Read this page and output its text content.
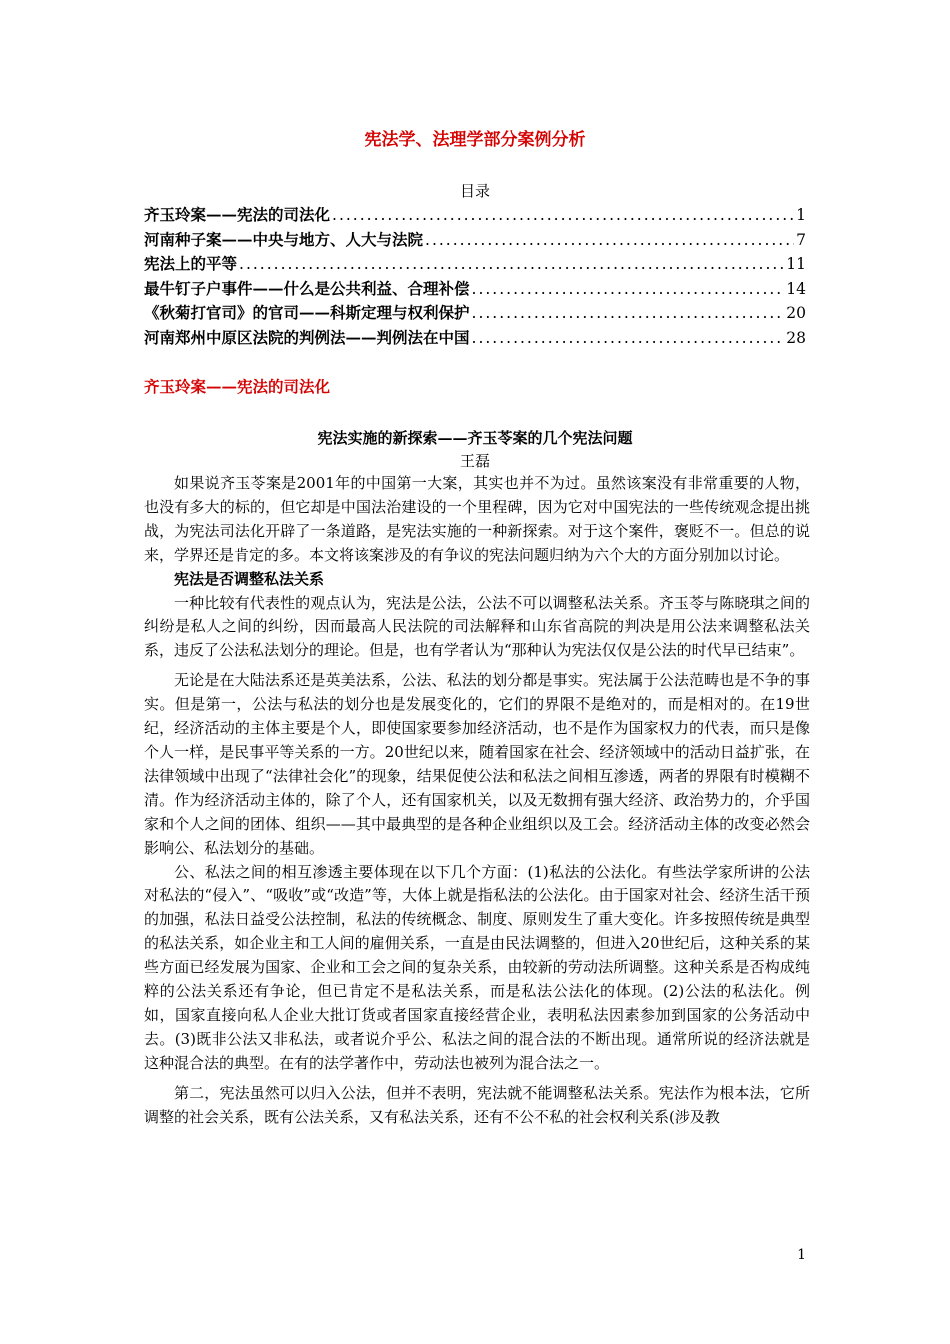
宪法学、法理学部分案例分析
目录
齐玉玲案——宪法的司法化 .....	1
河南种子案——中央与地方、人大与法院 .....	7
宪法上的平等 .....	11
最牛钉子户事件——什么是公共利益、合理补偿 .....	14
《秋菊打官司》的官司——科斯定理与权利保护 .....	20
河南郑州中原区法院的判例法——判例法在中国 .....	28
齐玉玲案——宪法的司法化
宪法实施的新探索——齐玉苓案的几个宪法问题
王磊

如果说齐玉苓案是2001年的中国第一大案，其实也并不为过。虽然该案没有非常重要的人物，也没有多大的标的，但它却是中国法治建设的一个里程碑，因为它对中国宪法的一些传统观念提出挑战，为宪法司法化开辟了一条道路，是宪法实施的一种新探索。对于这个案件，褒贬不一。但总的说来，学界还是肯定的多。本文将该案涉及的有争议的宪法问题归纳为六个大的方面分别加以讨论。

宪法是否调整私法关系

一种比较有代表性的观点认为，宪法是公法，公法不可以调整私法关系。齐玉苓与陈晓琪之间的纠纷是私人之间的纠纷，因而最高人民法院的司法解释和山东省高院的判决是用公法来调整私法关系，违反了公法私法划分的理论。但是，也有学者认为“那种认为宪法仅仅是公法的时代早已结束”。

无论是在大陆法系还是英美法系，公法、私法的划分都是事实。宪法属于公法范畴也是不争的事实。但是第一，公法与私法的划分也是发展变化的，它们的界限不是绝对的，而是相对的。在19世纪，经济活动的主体主要是个人，即使国家要参加经济活动，也不是作为国家权力的代表，而只是像个人一样，是民事平等关系的一方。20世纪以来，随着国家在社会、经济领域中的活动日益扩张，在法律领域中出现了“法律社会化”的现象，结果促使公法和私法之间相互渗透，两者的界限有时模糊不清。作为经济活动主体的，除了个人，还有国家机关，以及无数拥有强大经济、政治势力的，介乎国家和个人之间的团体、组织——其中最典型的是各种企业组织以及工会。经济活动主体的改变必然会影响公、私法划分的基础。

公、私法之间的相互渗透主要体现在以下几个方面：(1)私法的公法化。有些法学家所讲的公法对私法的“侵入”、“吸收”或“改造”等，大体上就是指私法的公法化。由于国家对社会、经济生活干预的加强，私法日益受公法控制，私法的传统概念、制度、原则发生了重大变化。许多按照传统是典型的私法关系，如企业主和工人间的雇佣关系，一直是由民法调整的，但进入20世纪后，这种关系的某些方面已经发展为国家、企业和工会之间的复杂关系，由较新的劳动法所调整。这种关系是否构成纯粹的公法关系还有争论，但已肯定不是私法关系，而是私法公法化的体现。(2)公法的私法化。例如，国家直接向私人企业大批订货或者国家直接经营企业，表明私法因素参加到国家的公务活动中去。(3)既非公法又非私法，或者说介乎公、私法之间的混合法的不断出现。通常所说的经济法就是这种混合法的典型。在有的法学著作中，劳动法也被列为混合法之一。

第二，宪法虽然可以归入公法，但并不表明，宪法就不能调整私法关系。宪法作为根本法，它所调整的社会关系，既有公法关系，又有私法关系，还有不公不私的社会权利关系(涉及教

1
